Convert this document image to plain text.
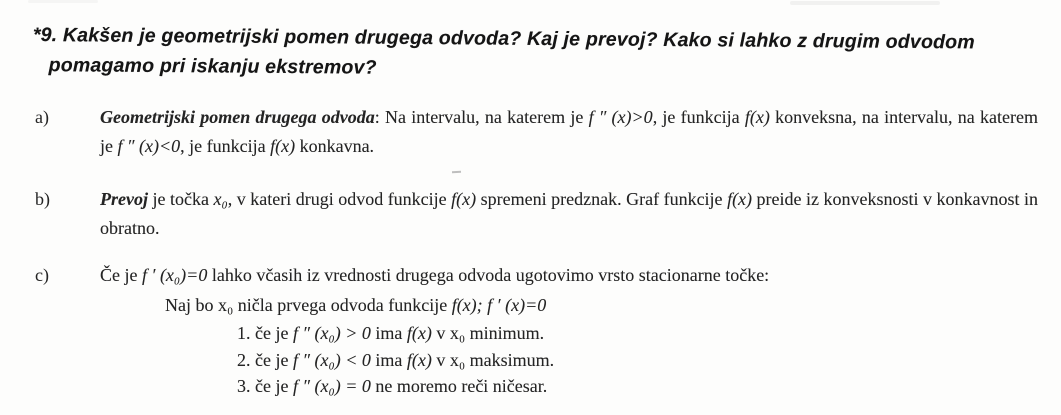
*9. Kakšen je geometrijski pomen drugega odvoda? Kaj je prevoj? Kako si lahko z drugim odvodom
pomagamo pri iskanju ekstremov?
a)	Geometrijski pomen drugega odvoda: Na intervalu, na katerem je f ″ (x)>0, je funkcija f(x) konveksna, na intervalu, na katerem je f ″ (x)<0, je funkcija f(x) konkavna.

b)	Prevoj je točka x₀, v kateri drugi odvod funkcije f(x) spremeni predznak. Graf funkcije f(x) preide iz konveksnosti v konkavnost in obratno.

c)	Če je f ′ (x₀)=0 lahko včasih iz vrednosti drugega odvoda ugotovimo vrsto stacionarne točke:

Naj bo x₀ ničla prvega odvoda funkcije f(x); f ′ (x)=0

1. če je f ″ (x₀) > 0 ima f(x) v x₀ minimum.
2. če je f ″ (x₀) < 0 ima f(x) v x₀ maksimum.
3. če je f ″ (x₀) = 0 ne moremo reči ničesar.
